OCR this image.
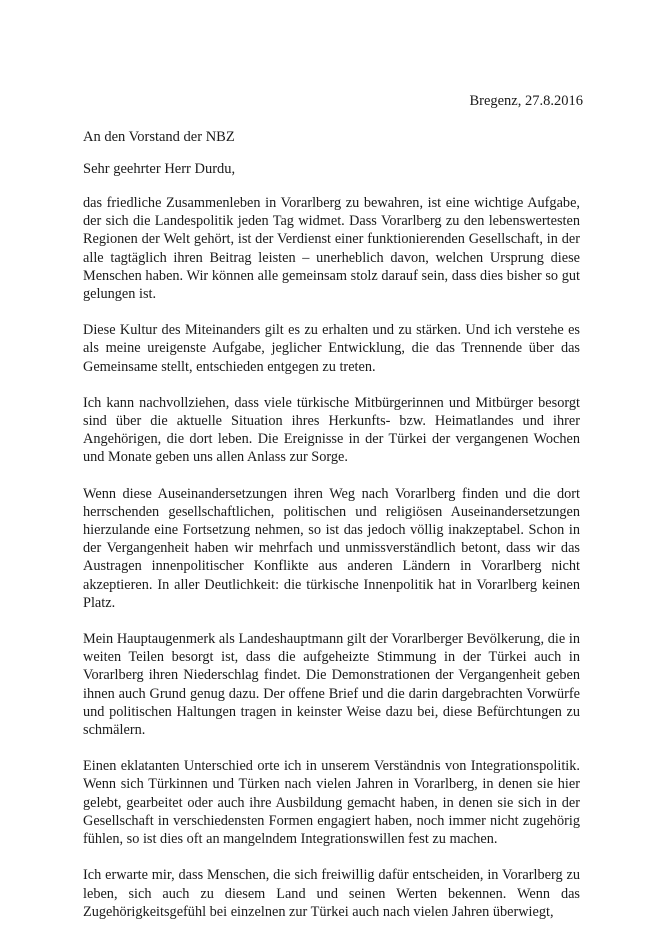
Bregenz, 27.8.2016

An den Vorstand der NBZ

Sehr geehrter Herr Durdu,

das friedliche Zusammenleben in Vorarlberg zu bewahren, ist eine wichtige Aufgabe, der sich die Landespolitik jeden Tag widmet. Dass Vorarlberg zu den lebenswertesten Regionen der Welt gehört, ist der Verdienst einer funktionierenden Gesellschaft, in der alle tagtäglich ihren Beitrag leisten – unerheblich davon, welchen Ursprung diese Menschen haben. Wir können alle gemeinsam stolz darauf sein, dass dies bisher so gut gelungen ist.

Diese Kultur des Miteinanders gilt es zu erhalten und zu stärken. Und ich verstehe es als meine ureigenste Aufgabe, jeglicher Entwicklung, die das Trennende über das Gemeinsame stellt, entschieden entgegen zu treten.

Ich kann nachvollziehen, dass viele türkische Mitbürgerinnen und Mitbürger besorgt sind über die aktuelle Situation ihres Herkunfts- bzw. Heimatlandes und ihrer Angehörigen, die dort leben. Die Ereignisse in der Türkei der vergangenen Wochen und Monate geben uns allen Anlass zur Sorge.

Wenn diese Auseinandersetzungen ihren Weg nach Vorarlberg finden und die dort herrschenden gesellschaftlichen, politischen und religiösen Auseinandersetzungen hierzulande eine Fortsetzung nehmen, so ist das jedoch völlig inakzeptabel. Schon in der Vergangenheit haben wir mehrfach und unmissverständlich betont, dass wir das Austragen innenpolitischer Konflikte aus anderen Ländern in Vorarlberg nicht akzeptieren. In aller Deutlichkeit: die türkische Innenpolitik hat in Vorarlberg keinen Platz.

Mein Hauptaugenmerk als Landeshauptmann gilt der Vorarlberger Bevölkerung, die in weiten Teilen besorgt ist, dass die aufgeheizte Stimmung in der Türkei auch in Vorarlberg ihren Niederschlag findet. Die Demonstrationen der Vergangenheit geben ihnen auch Grund genug dazu. Der offene Brief und die darin dargebrachten Vorwürfe und politischen Haltungen tragen in keinster Weise dazu bei, diese Befürchtungen zu schmälern.

Einen eklatanten Unterschied orte ich in unserem Verständnis von Integrationspolitik. Wenn sich Türkinnen und Türken nach vielen Jahren in Vorarlberg, in denen sie hier gelebt, gearbeitet oder auch ihre Ausbildung gemacht haben, in denen sie sich in der Gesellschaft in verschiedensten Formen engagiert haben, noch immer nicht zugehörig fühlen, so ist dies oft an mangelndem Integrationswillen fest zu machen.

Ich erwarte mir, dass Menschen, die sich freiwillig dafür entscheiden, in Vorarlberg zu leben, sich auch zu diesem Land und seinen Werten bekennen. Wenn das Zugehörigkeitsgefühl bei einzelnen zur Türkei auch nach vielen Jahren überwiegt,
